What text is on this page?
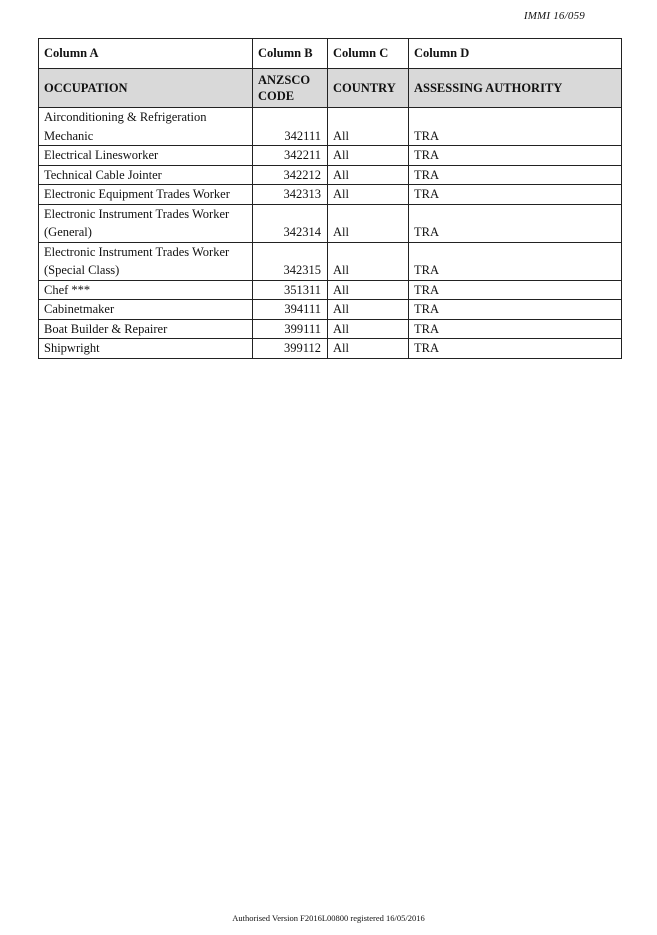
IMMI 16/059
Column A	Column B	Column C	Column D
OCCUPATION	ANZSCO CODE	COUNTRY	ASSESSING AUTHORITY
Airconditioning & Refrigeration Mechanic	342111	All	TRA
Electrical Linesworker	342211	All	TRA
Technical Cable Jointer	342212	All	TRA
Electronic Equipment Trades Worker	342313	All	TRA
Electronic Instrument Trades Worker (General)	342314	All	TRA
Electronic Instrument Trades Worker (Special Class)	342315	All	TRA
Chef ***	351311	All	TRA
Cabinetmaker	394111	All	TRA
Boat Builder & Repairer	399111	All	TRA
Shipwright	399112	All	TRA
Authorised Version F2016L00800 registered 16/05/2016
